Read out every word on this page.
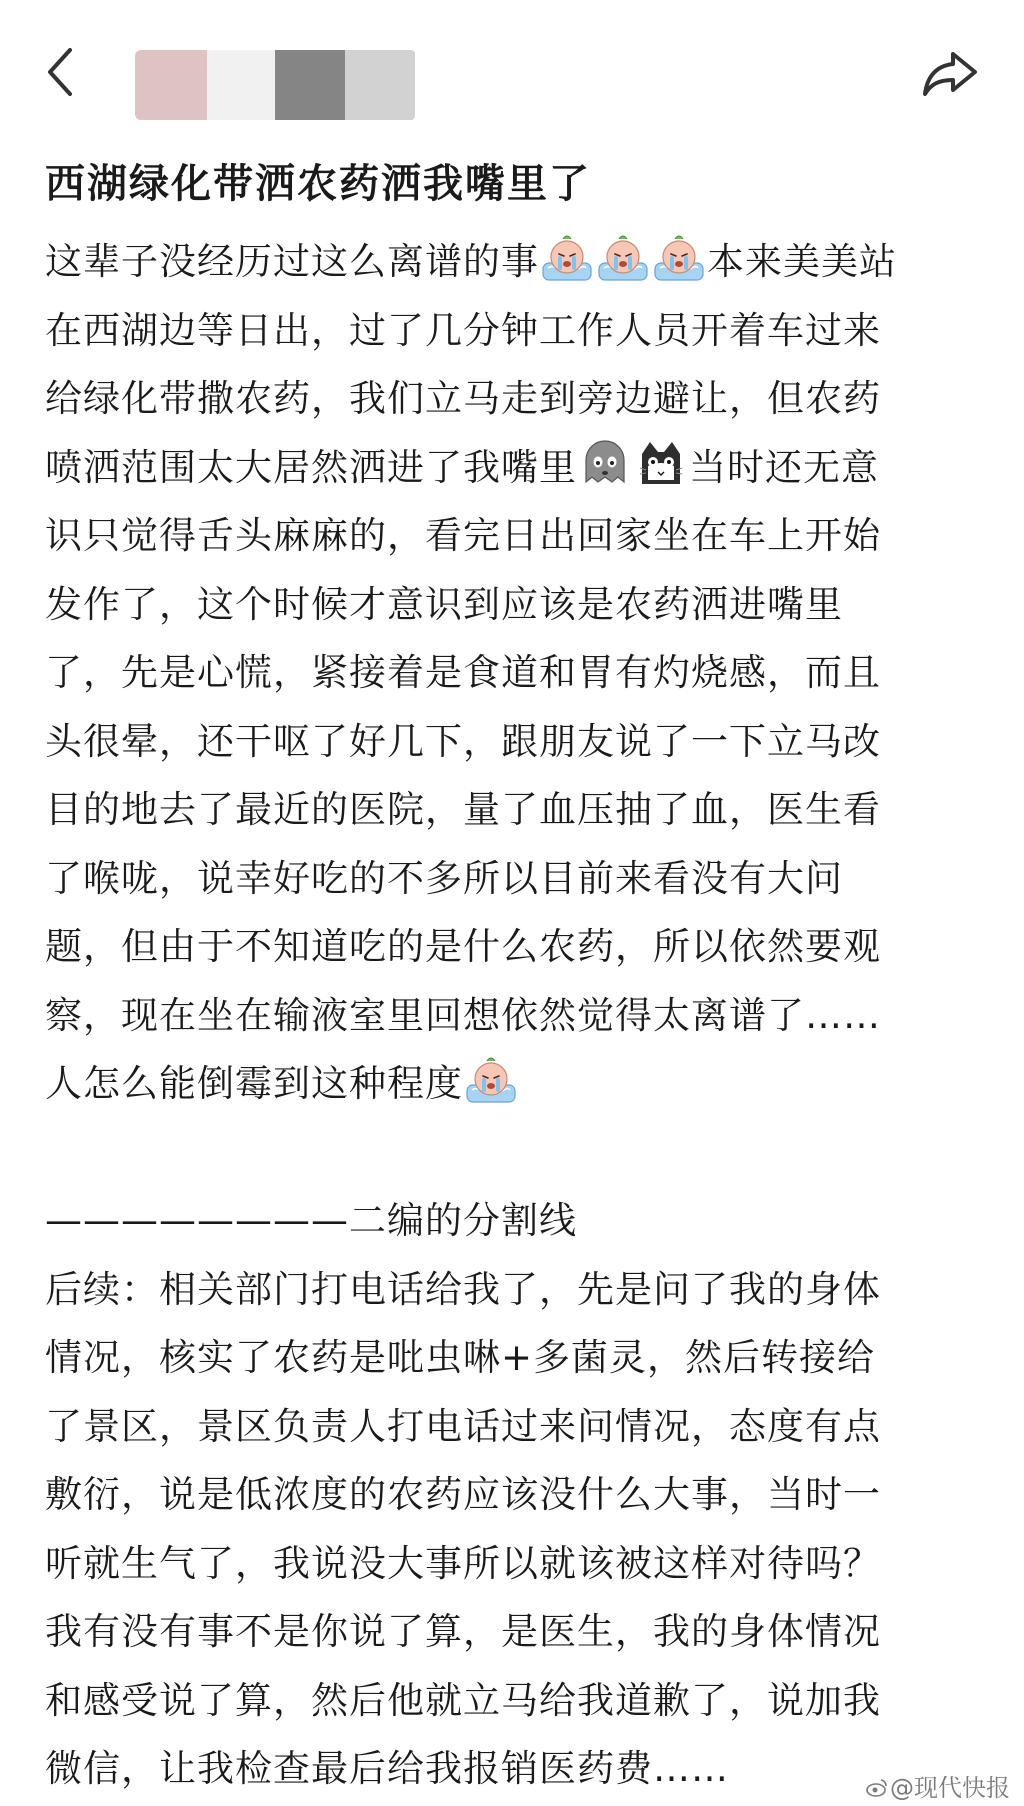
西湖绿化带洒农药洒我嘴里了
这辈子没经历过这么离谱的事	本来美美站
在西湖边等日出，过了几分钟工作人员开着车过来
给绿化带撒农药，我们立马走到旁边避让，但农药
喷洒范围太大居然洒进了我嘴里	当时还无意
识只觉得舌头麻麻的，看完日出回家坐在车上开始
发作了，这个时候才意识到应该是农药洒进嘴里
了，先是心慌，紧接着是食道和胃有灼烧感，而且
头很晕，还干呕了好几下，跟朋友说了一下立马改
目的地去了最近的医院，量了血压抽了血，医生看
了喉咙，说幸好吃的不多所以目前来看没有大问
题，但由于不知道吃的是什么农药，所以依然要观
察，现在坐在输液室里回想依然觉得太离谱了……
人怎么能倒霉到这种程度
————————二编的分割线
后续：相关部门打电话给我了，先是问了我的身体
情况，核实了农药是吡虫啉+多菌灵，然后转接给
了景区，景区负责人打电话过来问情况，态度有点
敷衍，说是低浓度的农药应该没什么大事，当时一
听就生气了，我说没大事所以就该被这样对待吗？
我有没有事不是你说了算，是医生，我的身体情况
和感受说了算，然后他就立马给我道歉了，说加我
微信，让我检查最后给我报销医药费……	@现代快报
